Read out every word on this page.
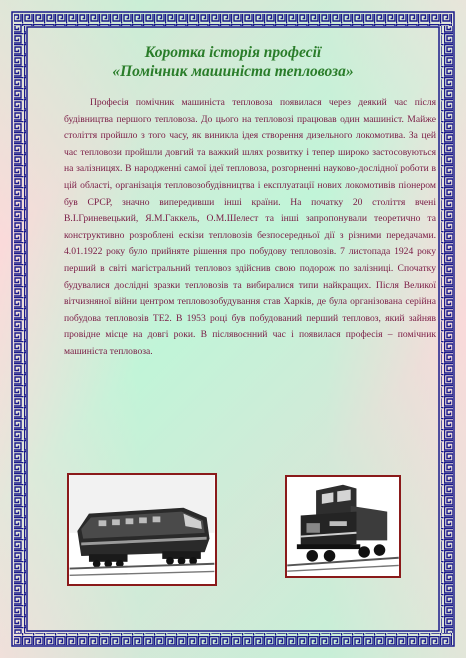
Коротка історія професії
«Помічник машиніста тепловоза»

Професія помічник машиніста тепловоза появилася через деякий час після будівництва першого тепловоза. До цього на тепловозі працював один машиніст. Майже століття пройшло з того часу, як виникла ідея створення дизельного локомотива. За цей час тепловози пройшли довгий та важкий шлях розвитку і тепер широко застосовуються на залізницях. В народженні самої ідеї тепловоза, розгорненні науково-дослідної роботи в цій області, організація тепловозобудівництва і експлуатації нових локомотивів піонером був СРСР, значно випередивши інші країни. На початку 20 століття вчені В.І.Гриневецький, Я.М.Гаккель, О.М.Шелест та інші запропонували теоретично та конструктивно розроблені ескізи тепловозів безпосередньої дії з різними передачами. 4.01.1922 року було прийняте рішення про побудову тепловозів. 7 листопада 1924 року перший в світі магістральний тепловоз здійснив свою подорож по залізниці. Спочатку будувалися дослідні зразки тепловозів та вибиралися типи найкращих. Після Великої вітчизняної війни центром тепловозобудування став Харків, де була організована серійна побудова тепловозів ТЕ2. В 1953 році був побудований перший тепловоз, який зайняв провідне місце на довгі роки. В післявоєнний час і появилася професія – помічник машиніста тепловоза.
